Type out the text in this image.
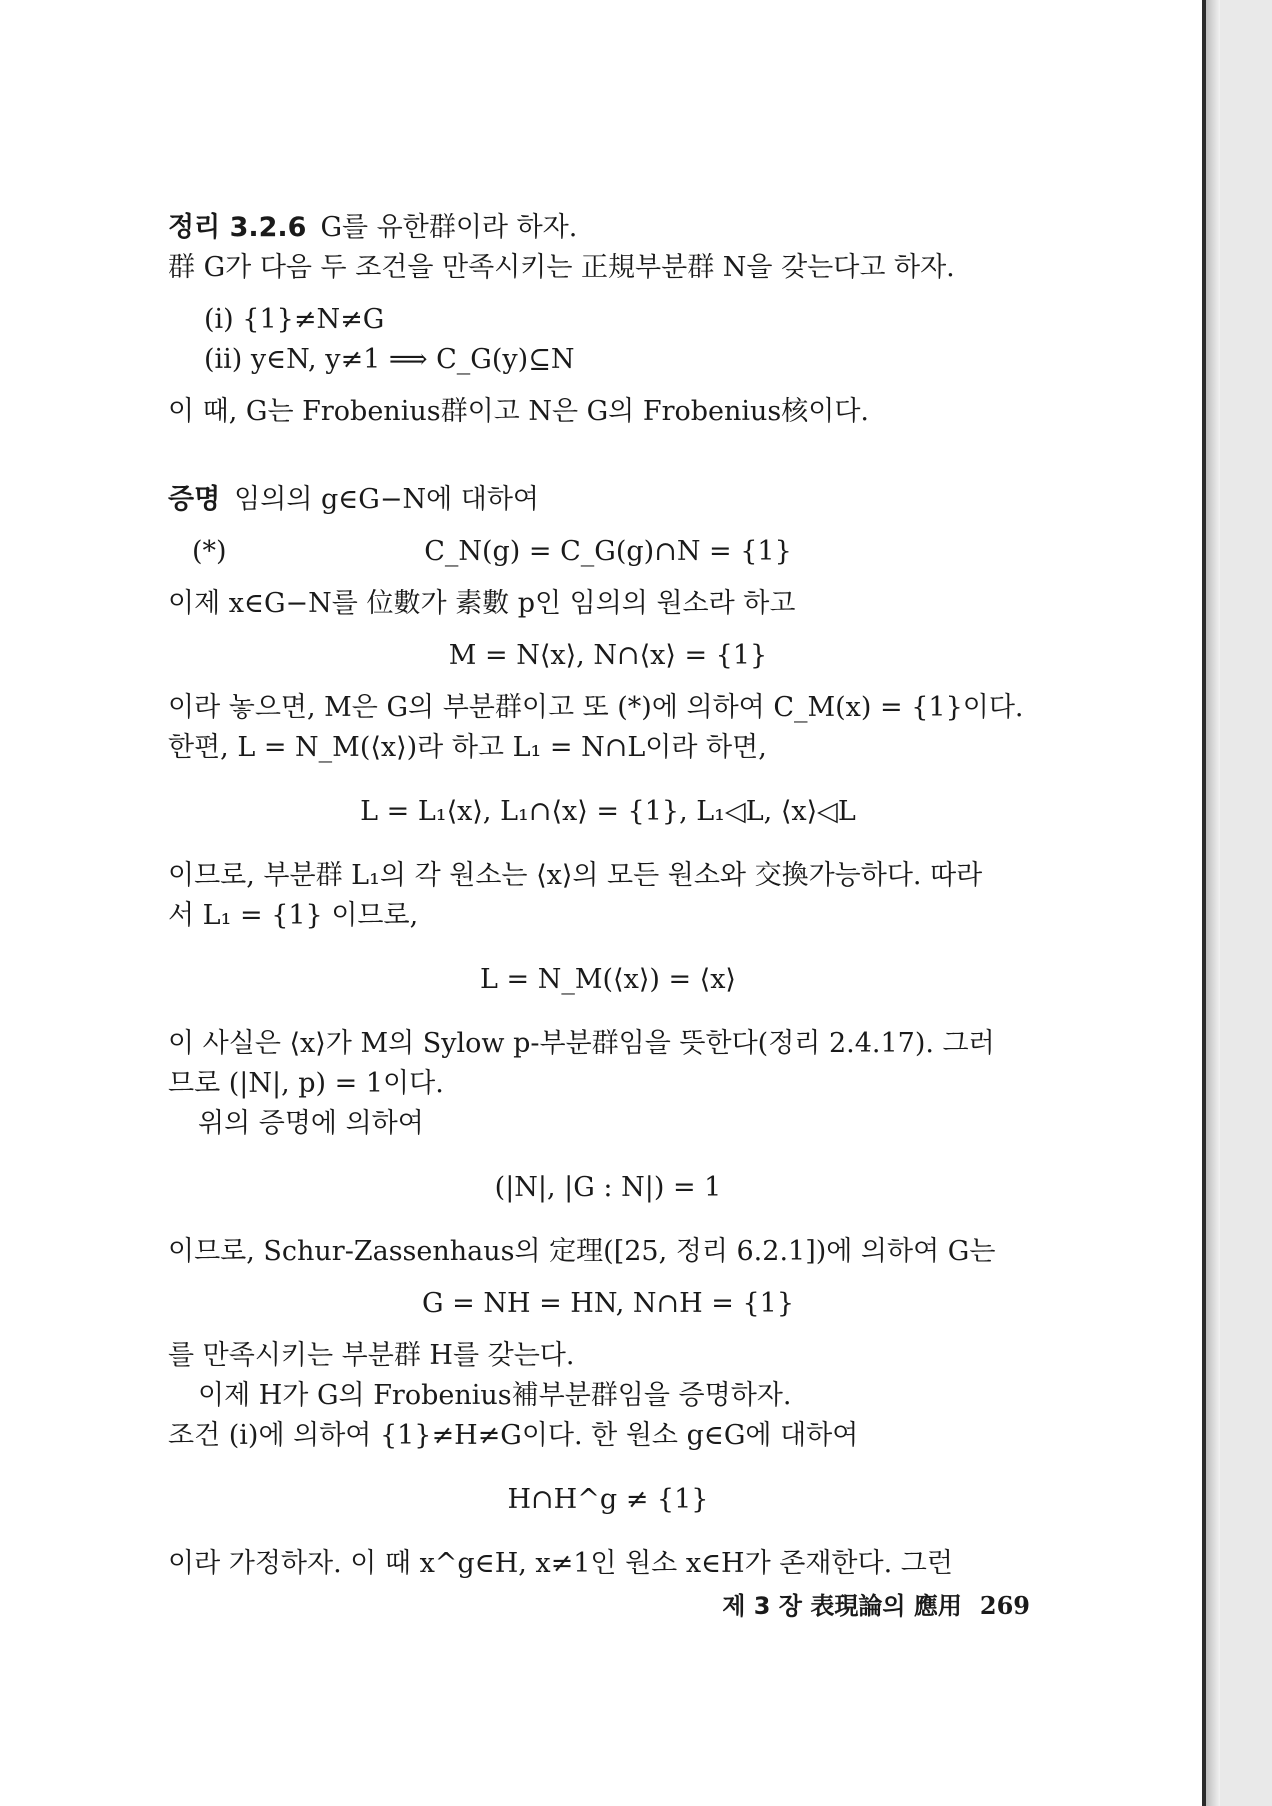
정리 3.2.6 G를 유한群이라 하자.
群 G가 다음 두 조건을 만족시키는 正規부분群 N을 갖는다고 하자.
(i) {1}≠N≠G
(ii) y∈N, y≠1 ⟹ C_G(y)⊆N
이 때, G는 Frobenius群이고 N은 G의 Frobenius核이다.
증명 임의의 g∈G−N에 대하여
(*)	C_N(g) = C_G(g)∩N = {1}
이제 x∈G−N를 位數가 素數 p인 임의의 원소라 하고
M = N⟨x⟩, N∩⟨x⟩ = {1}
이라 놓으면, M은 G의 부분群이고 또 (*)에 의하여 C_M(x) = {1}이다.
한편, L = N_M(⟨x⟩)라 하고 L₁ = N∩L이라 하면,
L = L₁⟨x⟩, L₁∩⟨x⟩ = {1}, L₁◁L, ⟨x⟩◁L
이므로, 부분群 L₁의 각 원소는 ⟨x⟩의 모든 원소와 交換가능하다. 따라
서 L₁ = {1} 이므로,
L = N_M(⟨x⟩) = ⟨x⟩
이 사실은 ⟨x⟩가 M의 Sylow p-부분群임을 뜻한다(정리 2.4.17). 그러
므로 (|N|, p) = 1이다.
위의 증명에 의하여
(|N|, |G : N|) = 1
이므로, Schur-Zassenhaus의 定理([25, 정리 6.2.1])에 의하여 G는
G = NH = HN, N∩H = {1}
를 만족시키는 부분群 H를 갖는다.
이제 H가 G의 Frobenius補부분群임을 증명하자.
조건 (i)에 의하여 {1}≠H≠G이다. 한 원소 g∈G에 대하여
H∩H^g ≠ {1}
이라 가정하자. 이 때 x^g∈H, x≠1인 원소 x∈H가 존재한다. 그런
제 3 장 表現論의 應用 269
